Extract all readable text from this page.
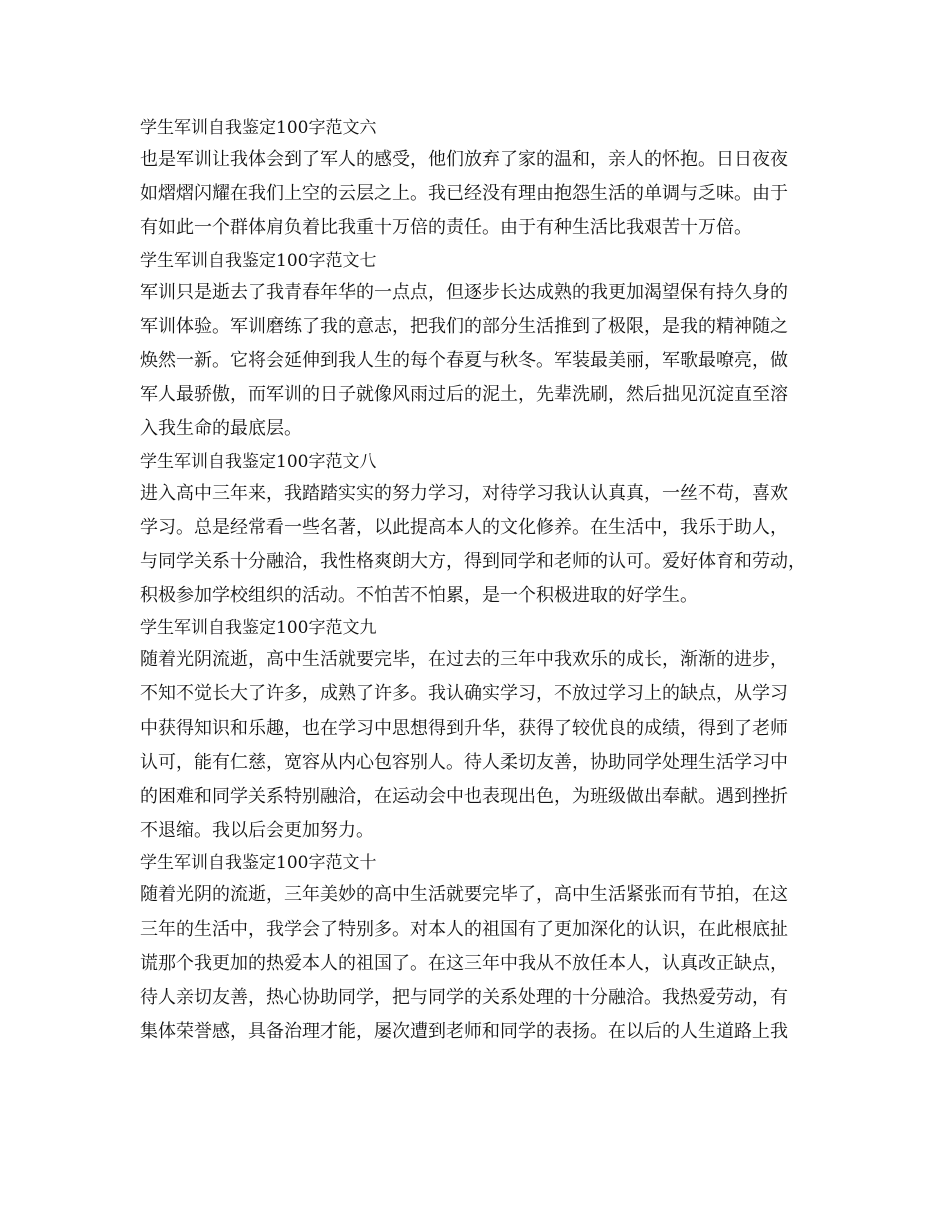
学生军训自我鉴定100字范文六
也是军训让我体会到了军人的感受，他们放弃了家的温和，亲人的怀抱。日日夜夜
如熠熠闪耀在我们上空的云层之上。我已经没有理由抱怨生活的单调与乏味。由于
有如此一个群体肩负着比我重十万倍的责任。由于有种生活比我艰苦十万倍。
学生军训自我鉴定100字范文七
军训只是逝去了我青春年华的一点点，但逐步长达成熟的我更加渴望保有持久身的
军训体验。军训磨练了我的意志，把我们的部分生活推到了极限，是我的精神随之
焕然一新。它将会延伸到我人生的每个春夏与秋冬。军装最美丽，军歌最嘹亮，做
军人最骄傲，而军训的日子就像风雨过后的泥土，先辈洗刷，然后拙见沉淀直至溶
入我生命的最底层。
学生军训自我鉴定100字范文八
进入高中三年来，我踏踏实实的努力学习，对待学习我认认真真，一丝不苟，喜欢
学习。总是经常看一些名著，以此提高本人的文化修养。在生活中，我乐于助人，
与同学关系十分融洽，我性格爽朗大方，得到同学和老师的认可。爱好体育和劳动，
积极参加学校组织的活动。不怕苦不怕累，是一个积极进取的好学生。
学生军训自我鉴定100字范文九
随着光阴流逝，高中生活就要完毕，在过去的三年中我欢乐的成长，渐渐的进步，
不知不觉长大了许多，成熟了许多。我认确实学习，不放过学习上的缺点，从学习
中获得知识和乐趣，也在学习中思想得到升华，获得了较优良的成绩，得到了老师
认可，能有仁慈，宽容从内心包容别人。待人柔切友善，协助同学处理生活学习中
的困难和同学关系特别融洽，在运动会中也表现出色，为班级做出奉献。遇到挫折
不退缩。我以后会更加努力。
学生军训自我鉴定100字范文十
随着光阴的流逝，三年美妙的高中生活就要完毕了，高中生活紧张而有节拍，在这
三年的生活中，我学会了特别多。对本人的祖国有了更加深化的认识，在此根底扯
谎那个我更加的热爱本人的祖国了。在这三年中我从不放任本人，认真改正缺点，
待人亲切友善，热心协助同学，把与同学的关系处理的十分融洽。我热爱劳动，有
集体荣誉感，具备治理才能，屡次遭到老师和同学的表扬。在以后的人生道路上我
